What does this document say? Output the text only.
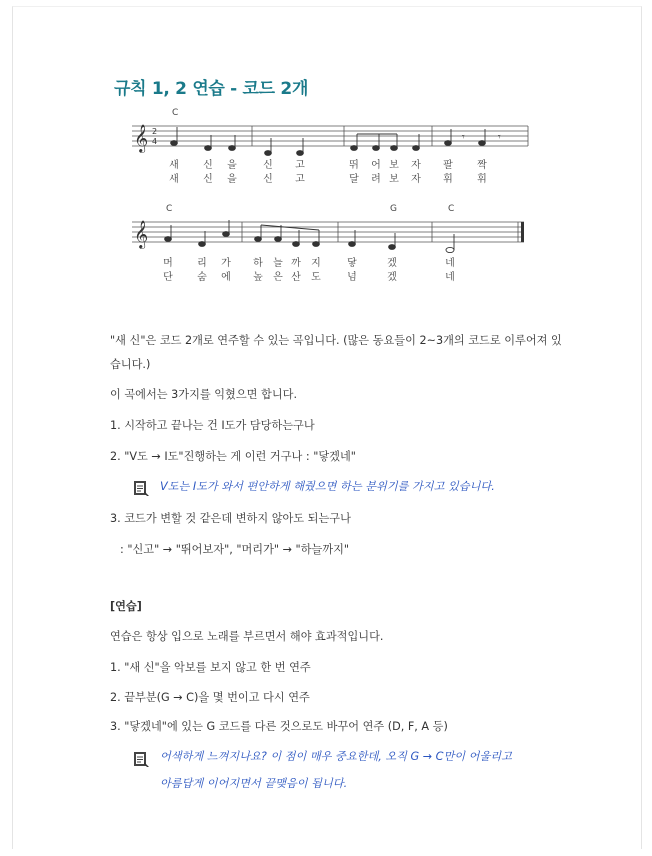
규칙 1, 2 연습 - 코드 2개
C
𝄞 2
4	𝄾	𝄾
새 신 을	신 고	뛰 어 보 자 팔 짝
새 신 을	신 고	달 려 보 자 휘 휘
C	G	C
𝄞
머 리 가 하 늘 까 지	닿	겠	네
단 숨 에 높 은 산 도	넘	겠	네
"새 신"은 코드 2개로 연주할 수 있는 곡입니다. (많은 동요들이 2~3개의 코드로 이루어져 있습니다.)
이 곡에서는 3가지를 익혔으면 합니다.
1. 시작하고 끝나는 건 I도가 담당하는구나
2. "V도 → I도"진행하는 게 이런 거구나 : "닿겠네"
V도는 I도가 와서 편안하게 해줬으면 하는 분위기를 가지고 있습니다.
3. 코드가 변할 것 같은데 변하지 않아도 되는구나
: "신고" → "뛰어보자", "머리가" → "하늘까지"
[연습]
연습은 항상 입으로 노래를 부르면서 해야 효과적입니다.
1. "새 신"을 악보를 보지 않고 한 번 연주
2. 끝부분(G → C)을 몇 번이고 다시 연주
3. "닿겠네"에 있는 G 코드를 다른 것으로도 바꾸어 연주 (D, F, A 등)
어색하게 느껴지나요? 이 점이 매우 중요한데, 오직 G → C만이 어울리고
아름답게 이어지면서 끝맺음이 됩니다.
